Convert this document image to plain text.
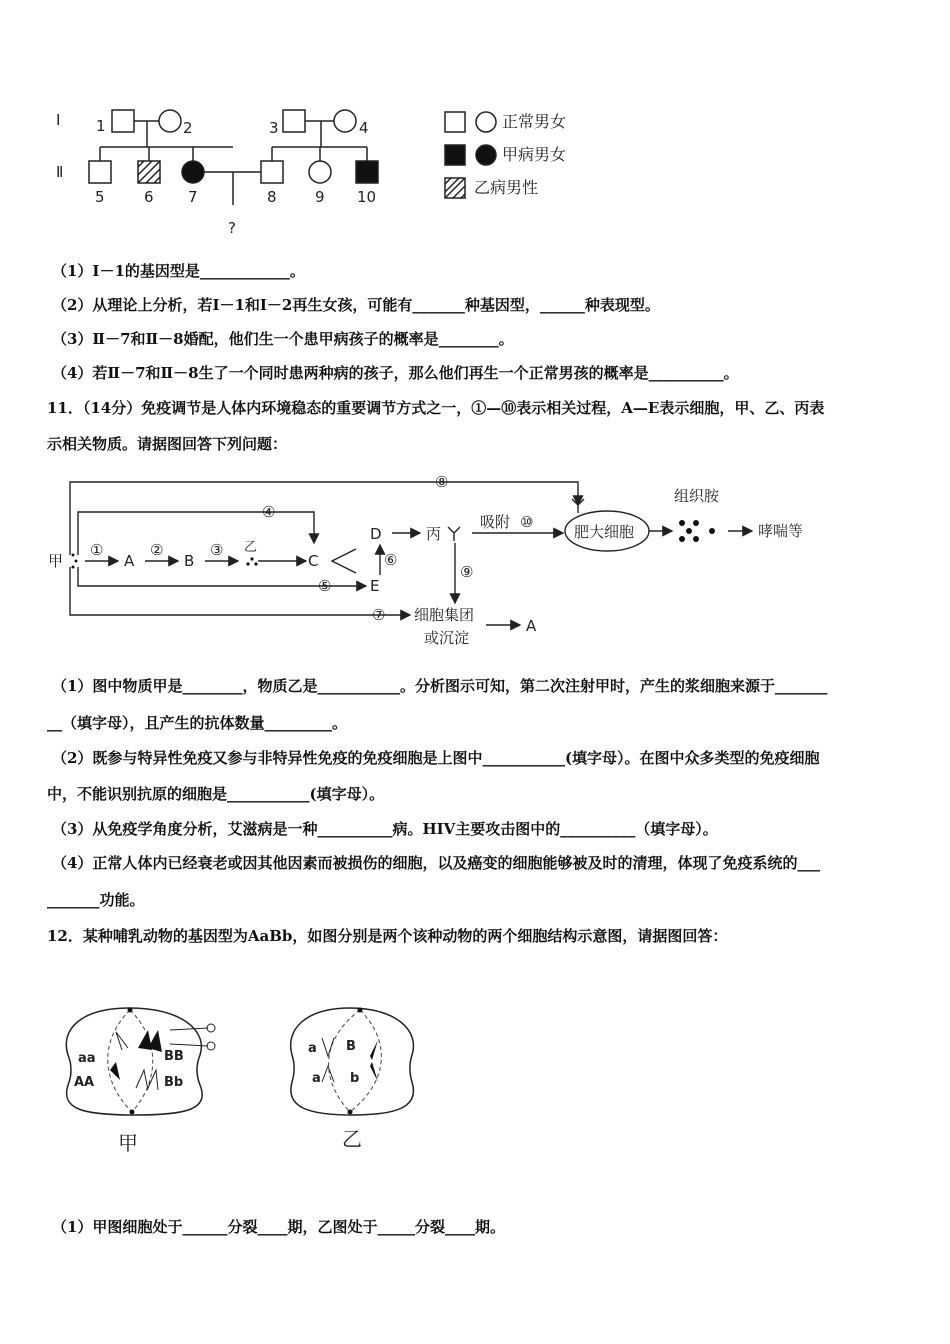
Ⅰ
Ⅱ
1	2	3	4
5	6 7	8	9 10
?
正常男女
甲病男女
乙病男性
（1）Ⅰ－1的基因型是____________。
（2）从理论上分析，若Ⅰ－1和Ⅰ－2再生女孩，可能有_______种基因型，______种表现型。
（3）Ⅱ－7和Ⅱ－8婚配，他们生一个患甲病孩子的概率是________。
（4）若Ⅱ－7和Ⅱ－8生了一个同时患两种病的孩子，那么他们再生一个正常男孩的概率是__________。
11．（14分）免疫调节是人体内环境稳态的重要调节方式之一，①—⑩表示相关过程，A—E表示细胞，甲、乙、丙表
示相关物质。请据图回答下列问题：
甲	A	B	C
D
E
乙
丙
吸附
肥大细胞
组织胺
哮喘等
细胞集团
或沉淀
A
①	②	③
④
⑤
⑥
⑦
⑧
⑨
⑩
（1）图中物质甲是________，物质乙是___________。分析图示可知，第二次注射甲时，产生的浆细胞来源于_______
__（填字母），且产生的抗体数量_________。
（2）既参与特异性免疫又参与非特异性免疫的免疫细胞是上图中___________(填字母）。在图中众多类型的免疫细胞
中，不能识别抗原的细胞是___________(填字母）。
（3）从免疫学角度分析，艾滋病是一种__________病。HIV主要攻击图中的__________（填字母）。
（4）正常人体内已经衰老或因其他因素而被损伤的细胞，以及癌变的细胞能够被及时的清理，体现了免疫系统的___
_______功能。
12．某种哺乳动物的基因型为AaBb，如图分别是两个该种动物的两个细胞结构示意图，请据图回答：
aa
AA
BB
Bb
甲
a B
a b
乙
（1）甲图细胞处于______分裂____期，乙图处于_____分裂____期。
